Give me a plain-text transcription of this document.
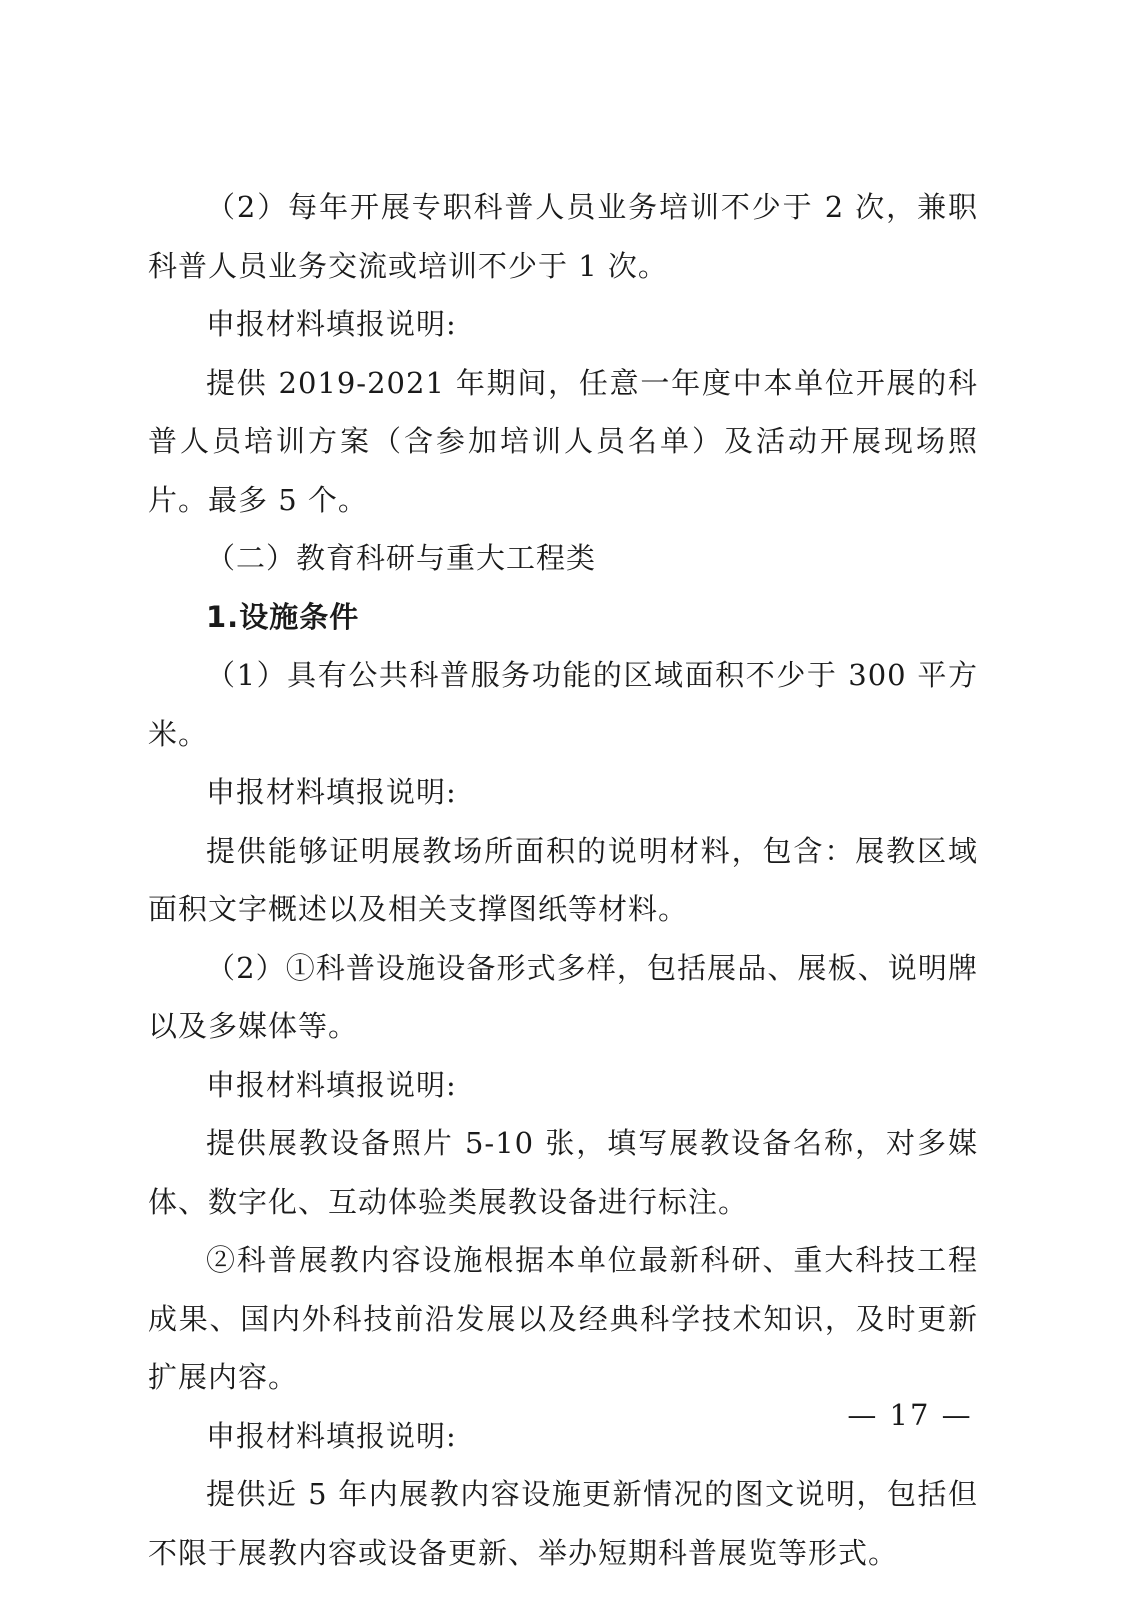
（2）每年开展专职科普人员业务培训不少于 2 次，兼职科普人员业务交流或培训不少于 1 次。

申报材料填报说明:

提供 2019-2021 年期间，任意一年度中本单位开展的科普人员培训方案（含参加培训人员名单）及活动开展现场照片。最多 5 个。

（二）教育科研与重大工程类

1.设施条件

（1）具有公共科普服务功能的区域面积不少于 300 平方米。

申报材料填报说明:

提供能够证明展教场所面积的说明材料，包含：展教区域面积文字概述以及相关支撑图纸等材料。

（2）①科普设施设备形式多样，包括展品、展板、说明牌以及多媒体等。

申报材料填报说明:

提供展教设备照片 5-10 张，填写展教设备名称，对多媒体、数字化、互动体验类展教设备进行标注。

②科普展教内容设施根据本单位最新科研、重大科技工程成果、国内外科技前沿发展以及经典科学技术知识，及时更新扩展内容。

申报材料填报说明:

提供近 5 年内展教内容设施更新情况的图文说明，包括但不限于展教内容或设备更新、举办短期科普展览等形式。

— 17 —
